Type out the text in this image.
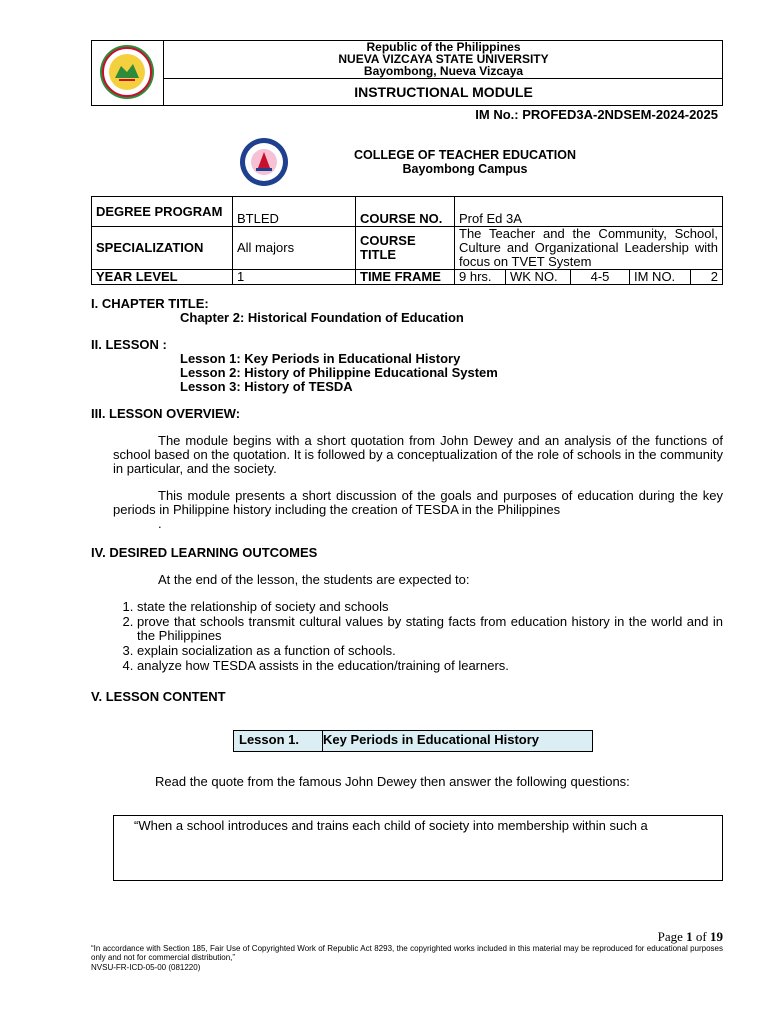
Republic of the Philippines
NUEVA VIZCAYA STATE UNIVERSITY
Bayombong, Nueva Vizcaya
INSTRUCTIONAL MODULE
IM No.: PROFED3A-2NDSEM-2024-2025
COLLEGE OF TEACHER EDUCATION
Bayombong Campus
DEGREE PROGRAM	BTLED	COURSE NO.	Prof Ed 3A				
SPECIALIZATION	All majors	COURSE TITLE	The Teacher and the Community, School, Culture and Organizational Leadership with focus on TVET System				
YEAR LEVEL	1	TIME FRAME	9 hrs.	WK NO.	4-5	IM NO.	2
I. CHAPTER TITLE:
Chapter 2: Historical Foundation of Education
II. LESSON :
Lesson 1: Key Periods in Educational History
Lesson 2: History of Philippine Educational System
Lesson 3: History of TESDA
III. LESSON OVERVIEW:
The module begins with a short quotation from John Dewey and an analysis of the functions of school based on the quotation. It is followed by a conceptualization of the role of schools in the community in particular, and the society.
This module presents a short discussion of the goals and purposes of education during the key periods in Philippine history including the creation of TESDA in the Philippines
.
IV. DESIRED LEARNING OUTCOMES
At the end of the lesson, the students are expected to:
1. state the relationship of society and schools
2. prove that schools transmit cultural values by stating facts from education history in the world and in the Philippines
3. explain socialization as a function of schools.
4. analyze how TESDA assists in the education/training of learners.
V. LESSON CONTENT
Lesson 1.	Key Periods in Educational History
Read the quote from the famous John Dewey then answer the following questions:
“When a school introduces and trains each child of society into membership within such a
Page 1 of 19
“In accordance with Section 185, Fair Use of Copyrighted Work of Republic Act 8293, the copyrighted works included in this material may be reproduced for educational purposes only and not for commercial distribution,”
NVSU-FR-ICD-05-00 (081220)
